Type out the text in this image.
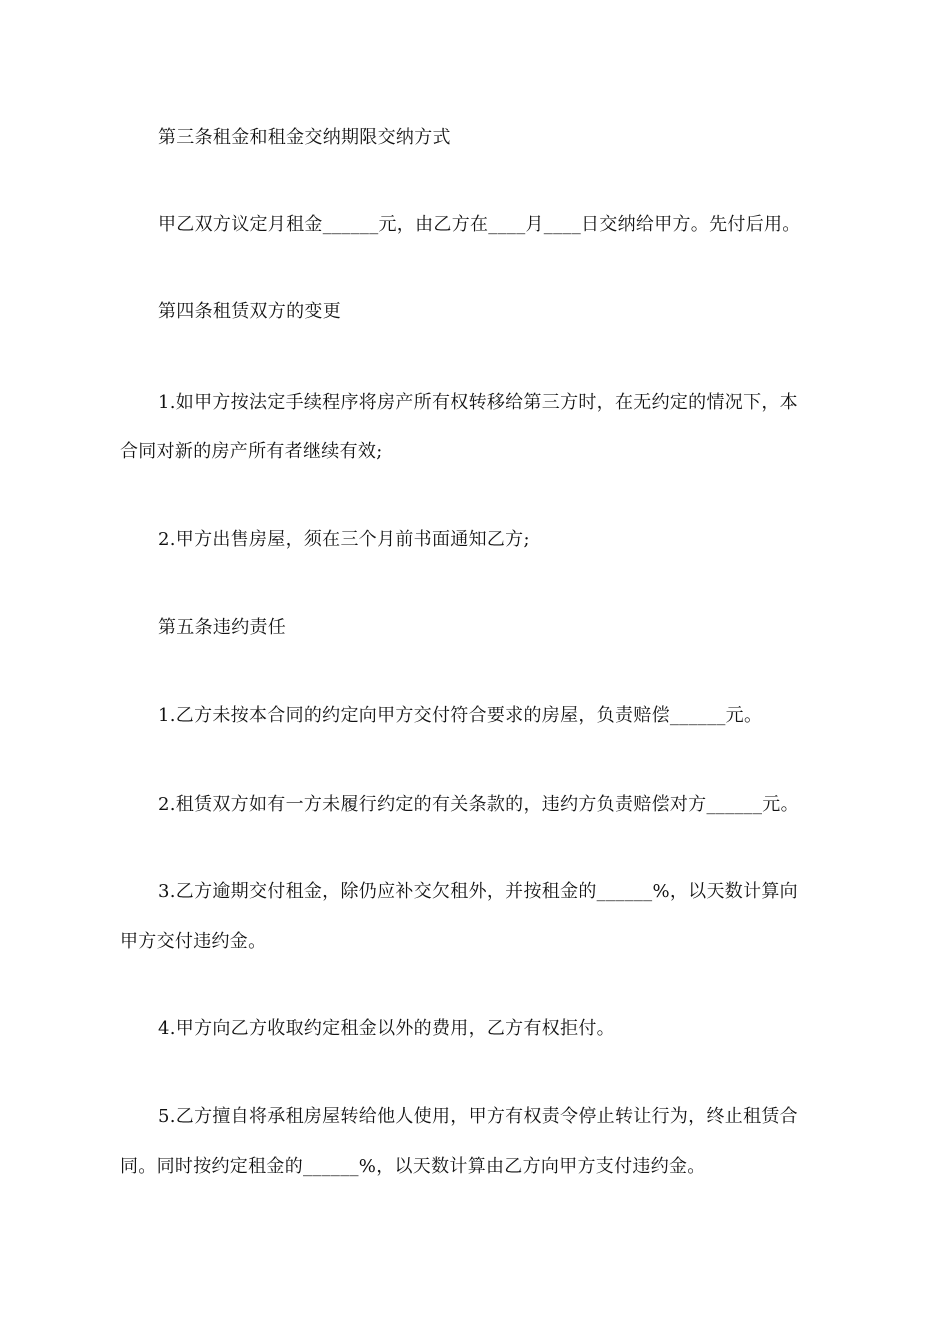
第三条租金和租金交纳期限交纳方式
甲乙双方议定月租金______元，由乙方在____月____日交纳给甲方。先付后用。
第四条租赁双方的变更
1.如甲方按法定手续程序将房产所有权转移给第三方时，在无约定的情况下，本
合同对新的房产所有者继续有效;
2.甲方出售房屋，须在三个月前书面通知乙方;
第五条违约责任
1.乙方未按本合同的约定向甲方交付符合要求的房屋，负责赔偿______元。
2.租赁双方如有一方未履行约定的有关条款的，违约方负责赔偿对方______元。
3.乙方逾期交付租金，除仍应补交欠租外，并按租金的______%，以天数计算向
甲方交付违约金。
4.甲方向乙方收取约定租金以外的费用，乙方有权拒付。
5.乙方擅自将承租房屋转给他人使用，甲方有权责令停止转让行为，终止租赁合
同。同时按约定租金的______%，以天数计算由乙方向甲方支付违约金。
